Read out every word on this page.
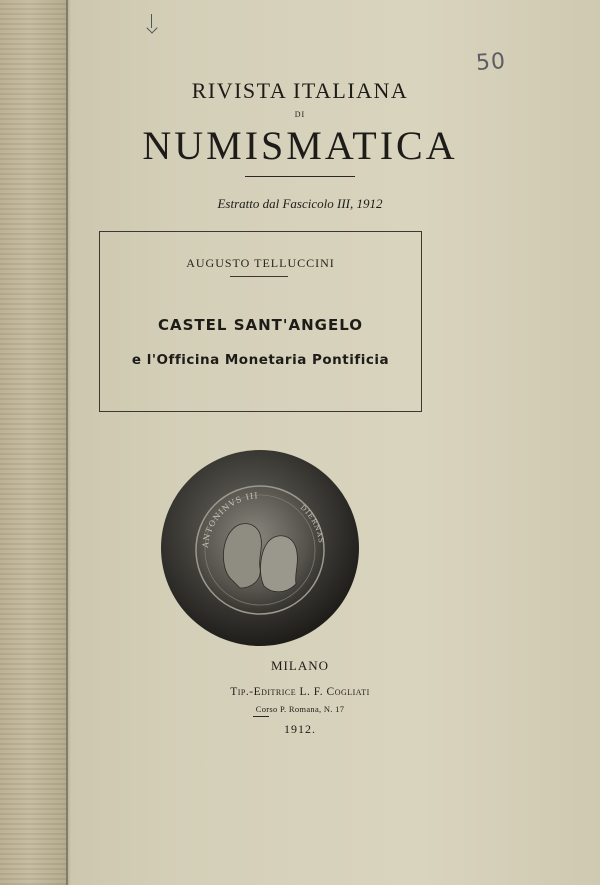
50
RIVISTA ITALIANA
DI
NUMISMATICA
Estratto dal Fascicolo III, 1912
AUGUSTO TELLUCCINI
CASTEL SANT'ANGELO
e l'Officina Monetaria Pontificia
ANTONINVS III
DIERNAS
MILANO
Tip.-Editrice L. F. Cogliati
Corso P. Romana, N. 17
1912.
